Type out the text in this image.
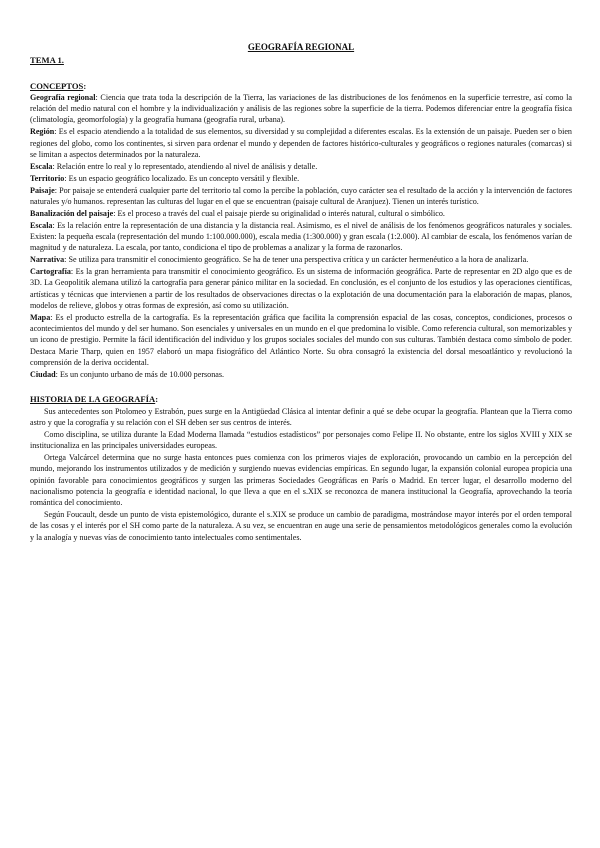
GEOGRAFÍA REGIONAL
TEMA 1.
CONCEPTOS:

Geografía regional: Ciencia que trata toda la descripción de la Tierra, las variaciones de las distribuciones de los fenómenos en la superficie terrestre, así como la relación del medio natural con el hombre y la individualización y análisis de las regiones sobre la superficie de la tierra. Podemos diferenciar entre la geografía física (climatología, geomorfología) y la geografía humana (geografía rural, urbana).

Región: Es el espacio atendiendo a la totalidad de sus elementos, su diversidad y su complejidad a diferentes escalas. Es la extensión de un paisaje. Pueden ser o bien regiones del globo, como los continentes, si sirven para ordenar el mundo y dependen de factores histórico-culturales y geográficos o regiones naturales (comarcas) si se limitan a aspectos determinados por la naturaleza.

Escala: Relación entre lo real y lo representado, atendiendo al nivel de análisis y detalle.

Territorio: Es un espacio geográfico localizado. Es un concepto versátil y flexible.

Paisaje: Por paisaje se entenderá cualquier parte del territorio tal como la percibe la población, cuyo carácter sea el resultado de la acción y la intervención de factores naturales y/o humanos. representan las culturas del lugar en el que se encuentran (paisaje cultural de Aranjuez). Tienen un interés turístico.

Banalización del paisaje: Es el proceso a través del cual el paisaje pierde su originalidad o interés natural, cultural o simbólico.

Escala: Es la relación entre la representación de una distancia y la distancia real. Asimismo, es el nivel de análisis de los fenómenos geográficos naturales y sociales. Existen: la pequeña escala (representación del mundo 1:100.000.000), escala media (1:300.000) y gran escala (1:2.000). Al cambiar de escala, los fenómenos varían de magnitud y de naturaleza. La escala, por tanto, condiciona el tipo de problemas a analizar y la forma de razonarlos.

Narrativa: Se utiliza para transmitir el conocimiento geográfico. Se ha de tener una perspectiva crítica y un carácter hermenéutico a la hora de analizarla.

Cartografía: Es la gran herramienta para transmitir el conocimiento geográfico. Es un sistema de información geográfica. Parte de representar en 2D algo que es de 3D. La Geopolitik alemana utilizó la cartografía para generar pánico militar en la sociedad. En conclusión, es el conjunto de los estudios y las operaciones científicas, artísticas y técnicas que intervienen a partir de los resultados de observaciones directas o la explotación de una documentación para la elaboración de mapas, planos, modelos de relieve, globos y otras formas de expresión, así como su utilización.

Mapa: Es el producto estrella de la cartografía. Es la representación gráfica que facilita la comprensión espacial de las cosas, conceptos, condiciones, procesos o acontecimientos del mundo y del ser humano. Son esenciales y universales en un mundo en el que predomina lo visible. Como referencia cultural, son memorizables y un icono de prestigio. Permite la fácil identificación del individuo y los grupos sociales sociales del mundo con sus culturas. También destaca como símbolo de poder. Destaca Marie Tharp, quien en 1957 elaboró un mapa fisiográfico del Atlántico Norte. Su obra consagró la existencia del dorsal mesoatlántico y revolucionó la comprensión de la deriva occidental.

Ciudad: Es un conjunto urbano de más de 10.000 personas.

HISTORIA DE LA GEOGRAFÍA:

Sus antecedentes son Ptolomeo y Estrabón, pues surge en la Antigüedad Clásica al intentar definir a qué se debe ocupar la geografía. Plantean que la Tierra como astro y que la corografía y su relación con el SH deben ser sus centros de interés.

Como disciplina, se utiliza durante la Edad Moderna llamada “estudios estadísticos” por personajes como Felipe II. No obstante, entre los siglos XVIII y XIX se institucionaliza en las principales universidades europeas.

Ortega Valcárcel determina que no surge hasta entonces pues comienza con los primeros viajes de exploración, provocando un cambio en la percepción del mundo, mejorando los instrumentos utilizados y de medición y surgiendo nuevas evidencias empíricas. En segundo lugar, la expansión colonial europea propicia una opinión favorable para conocimientos geográficos y surgen las primeras Sociedades Geográficas en París o Madrid. En tercer lugar, el desarrollo moderno del nacionalismo potencia la geografía e identidad nacional, lo que lleva a que en el s.XIX se reconozca de manera institucional la Geografía, aprovechando la teoría romántica del conocimiento.

Según Foucault, desde un punto de vista epistemológico, durante el s.XIX se produce un cambio de paradigma, mostrándose mayor interés por el orden temporal de las cosas y el interés por el SH como parte de la naturaleza. A su vez, se encuentran en auge una serie de pensamientos metodológicos generales como la evolución y la analogía y nuevas vías de conocimiento tanto intelectuales como sentimentales.
